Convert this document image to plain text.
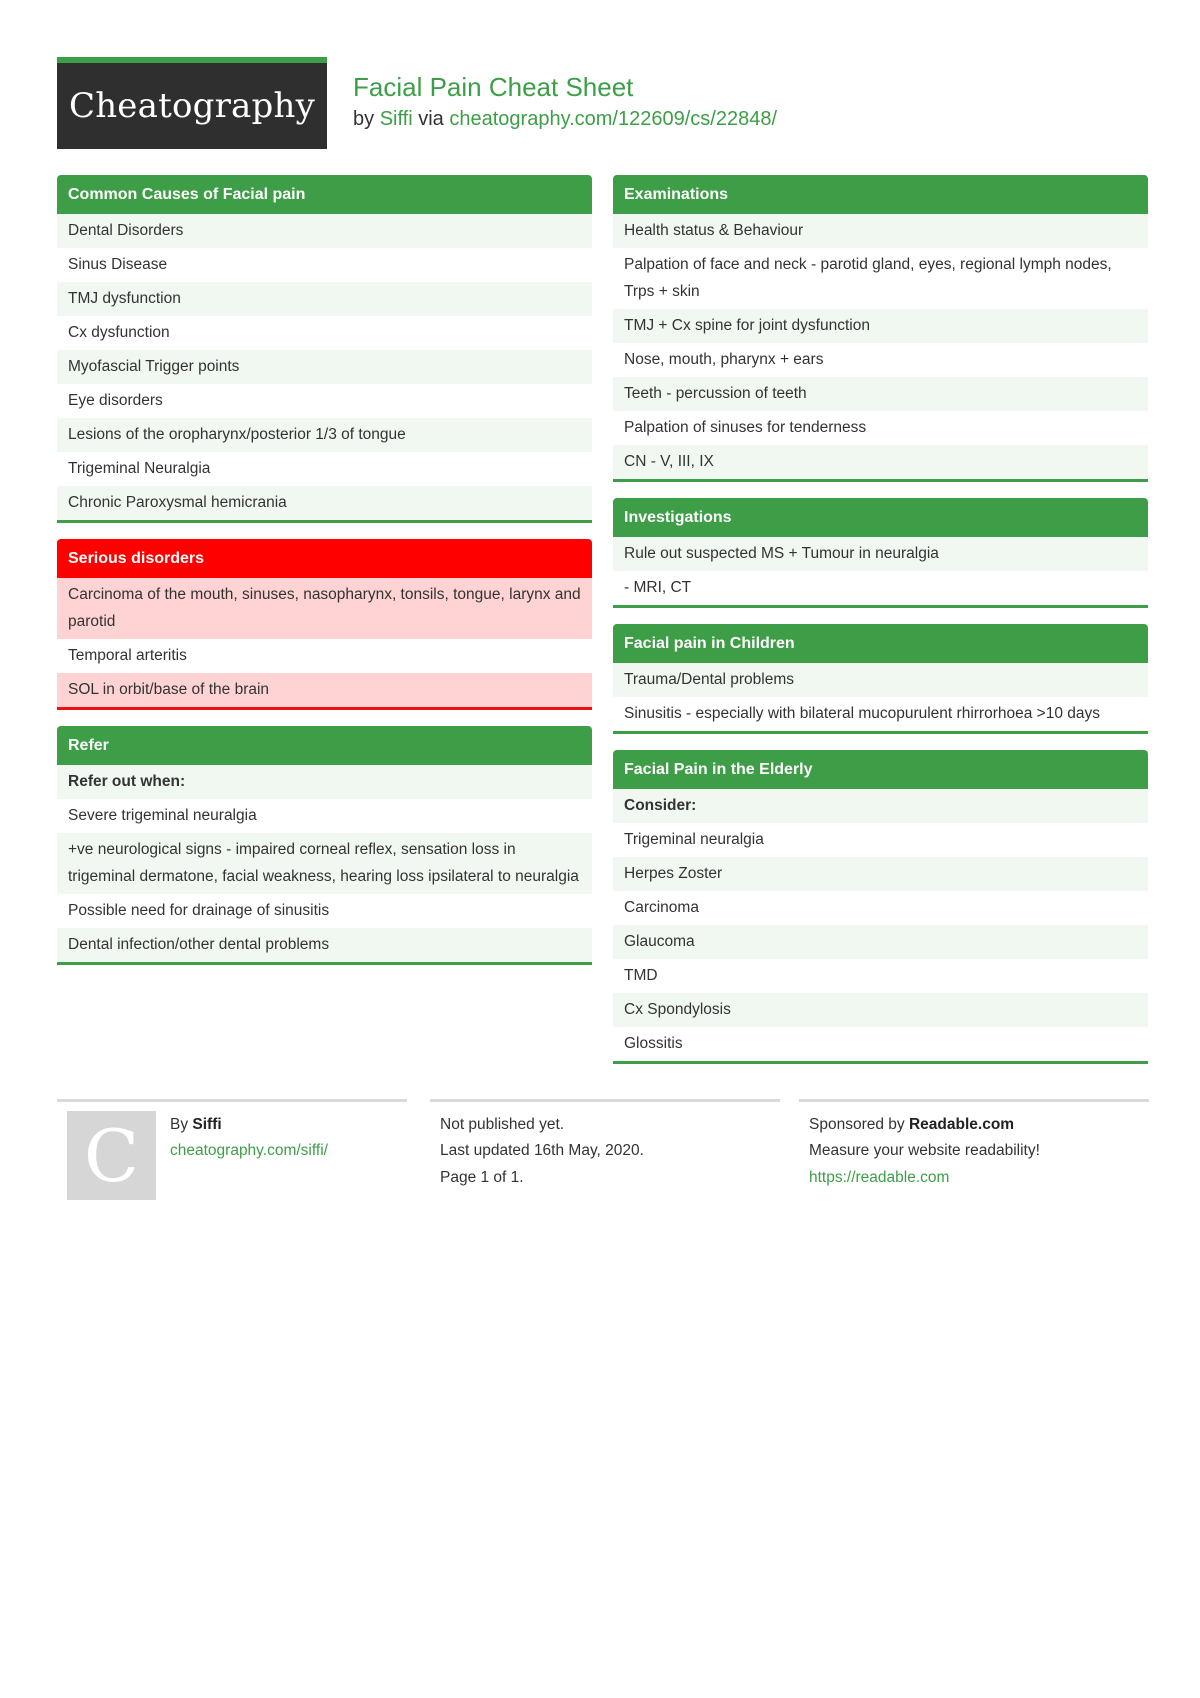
Cheatography Facial Pain Cheat Sheet
by Siffi via cheatography.com/122609/cs/22848/
Common Causes of Facial pain
Dental Disorders
Sinus Disease
TMJ dysfunction
Cx dysfunction
Myofascial Trigger points
Eye disorders
Lesions of the oropharynx/posterior 1/3 of tongue
Trigeminal Neuralgia
Chronic Paroxysmal hemicrania
Serious disorders
Carcinoma of the mouth, sinuses, nasopharynx, tonsils, tongue, larynx and parotid
Temporal arteritis
SOL in orbit/base of the brain
Refer
Refer out when:
Severe trigeminal neuralgia
+ve neurological signs - impaired corneal reflex, sensation loss in trigeminal dermatone, facial weakness, hearing loss ipsilateral to neuralgia
Possible need for drainage of sinusitis
Dental infection/other dental problems
Examinations
Health status & Behaviour
Palpation of face and neck - parotid gland, eyes, regional lymph nodes, Trps + skin
TMJ + Cx spine for joint dysfunction
Nose, mouth, pharynx + ears
Teeth - percussion of teeth
Palpation of sinuses for tenderness
CN - V, III, IX
Investigations
Rule out suspected MS + Tumour in neuralgia
- MRI, CT
Facial pain in Children
Trauma/Dental problems
Sinusitis - especially with bilateral mucopurulent rhirrorhoea >10 days
Facial Pain in the Elderly
Consider:
Trigeminal neuralgia
Herpes Zoster
Carcinoma
Glaucoma
TMD
Cx Spondylosis
Glossitis
C By Siffi
cheatography.com/siffi/
Not published yet.
Last updated 16th May, 2020.
Page 1 of 1.
Sponsored by Readable.com
Measure your website readability!
https://readable.com
